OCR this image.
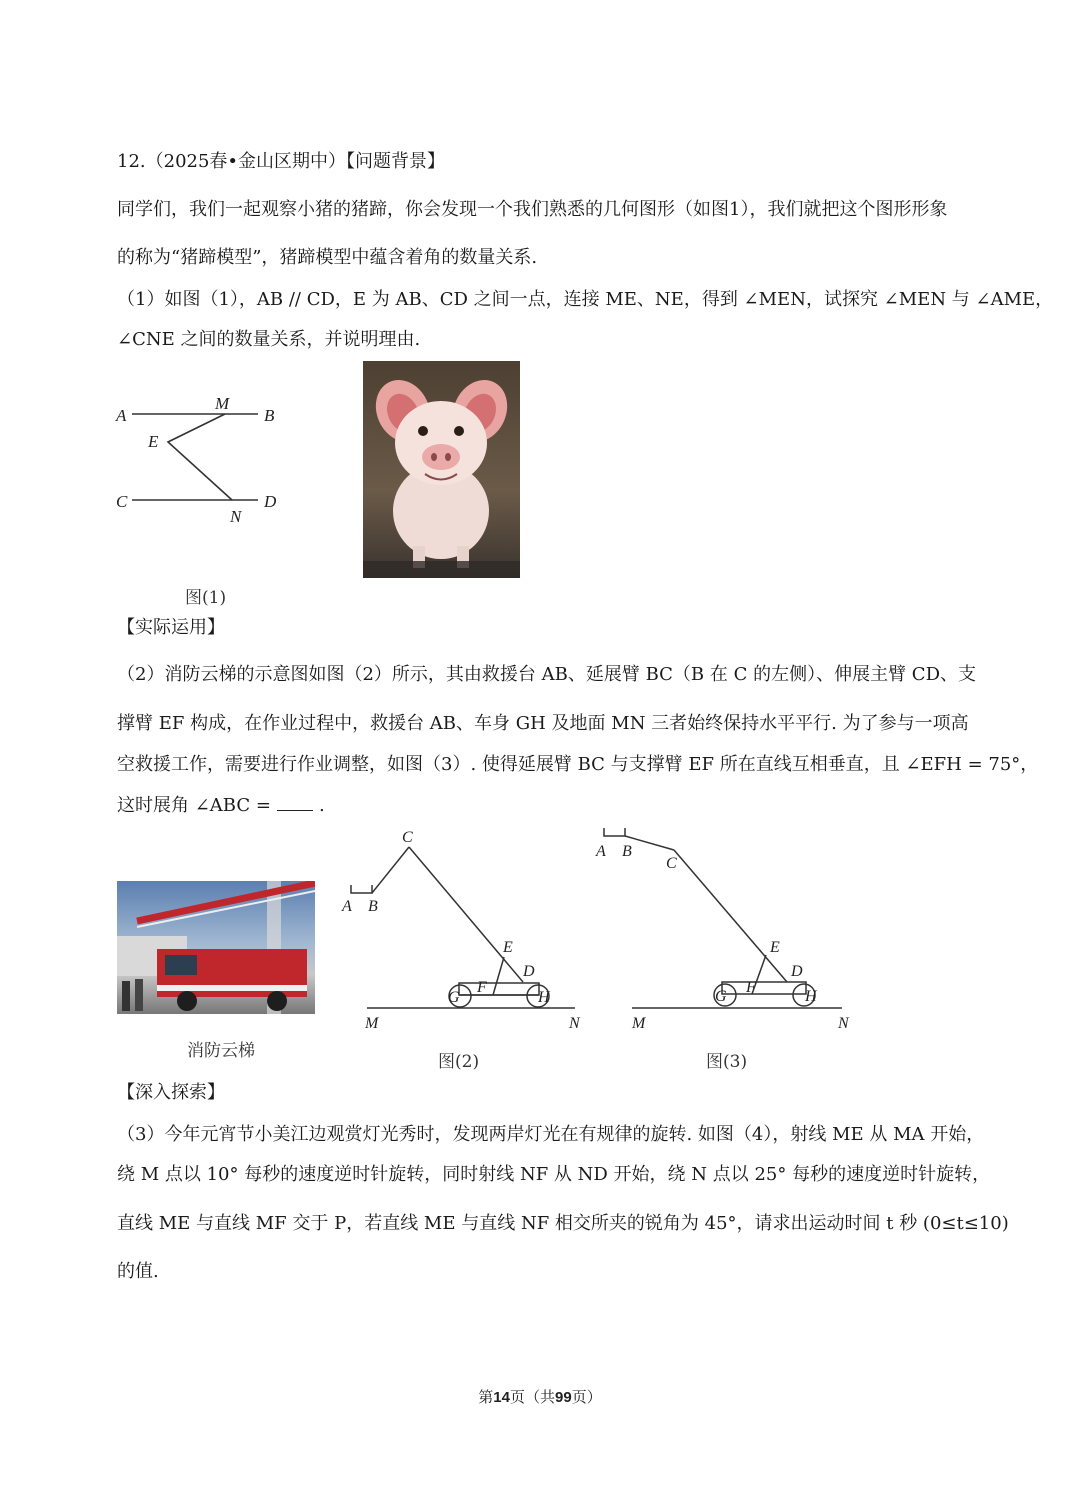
12.（2025春•金山区期中）【问题背景】
同学们，我们一起观察小猪的猪蹄，你会发现一个我们熟悉的几何图形（如图1），我们就把这个图形形象
的称为“猪蹄模型”，猪蹄模型中蕴含着角的数量关系.
（1）如图（1），AB // CD，E 为 AB、CD 之间一点，连接 ME、NE，得到 ∠MEN，试探究 ∠MEN 与 ∠AME，
∠CNE 之间的数量关系，并说明理由.
A
M
B
E
C	D
N
图(1)
【实际运用】
（2）消防云梯的示意图如图（2）所示，其由救援台 AB、延展臂 BC（B 在 C 的左侧）、伸展主臂 CD、支
撑臂 EF 构成，在作业过程中，救援台 AB、车身 GH 及地面 MN 三者始终保持水平平行. 为了参与一项高
空救援工作，需要进行作业调整，如图（3）. 使得延展臂 BC 与支撑臂 EF 所在直线互相垂直，且 ∠EFH = 75°，
这时展角 ∠ABC =	.
消防云梯
C
A B
E
D
F
G	H
M	N
图(2)
A B
C
E
D
F
G	H
M	N
图(3)
【深入探索】
（3）今年元宵节小美江边观赏灯光秀时，发现两岸灯光在有规律的旋转. 如图（4），射线 ME 从 MA 开始，
绕 M 点以 10° 每秒的速度逆时针旋转，同时射线 NF 从 ND 开始，绕 N 点以 25° 每秒的速度逆时针旋转，
直线 ME 与直线 MF 交于 P，若直线 ME 与直线 NF 相交所夹的锐角为 45°，请求出运动时间 t 秒 (0≤t≤10)
的值.
第14页（共99页）
